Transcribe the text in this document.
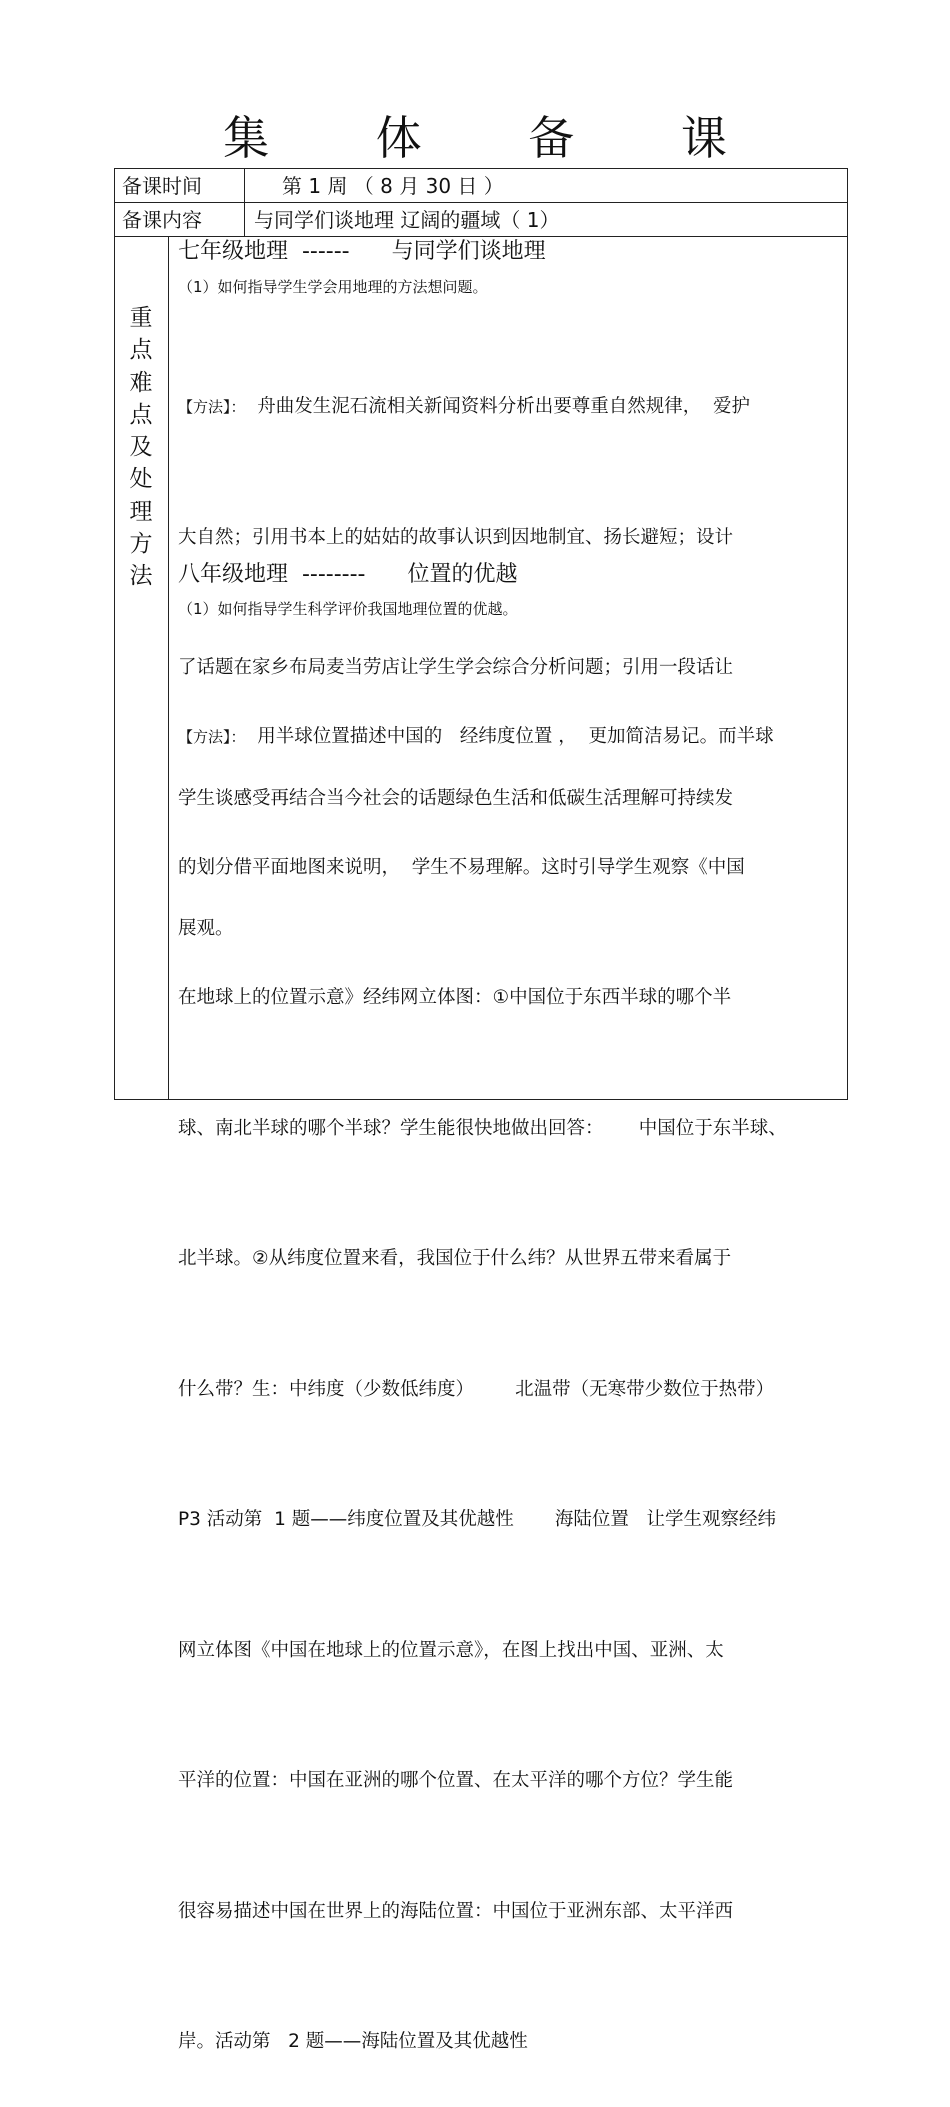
集 体 备 课
备课时间	第 1 周 （ 8 月 30 日 ）
备课内容	与同学们谈地理 辽阔的疆域（ 1）
重点难点及处理方法
七年级地理  ------      与同学们谈地理
（1）如何指导学生学会用地理的方法想问题。

【方法】：  舟曲发生泥石流相关新闻资料分析出要尊重自然规律，  爱护

大自然；引用书本上的姑姑的故事认识到因地制宜、扬长避短；设计

了话题在家乡布局麦当劳店让学生学会综合分析问题；引用一段话让

学生谈感受再结合当今社会的话题绿色生活和低碳生活理解可持续发

展观。

八年级地理  --------      位置的优越
（1）如何指导学生科学评价我国地理位置的优越。

【方法】：  用半球位置描述中国的   经纬度位置 ，  更加简洁易记。而半球

的划分借平面地图来说明，  学生不易理解。这时引导学生观察《中国

在地球上的位置示意》经纬网立体图：①中国位于东西半球的哪个半

球、南北半球的哪个半球？学生能很快地做出回答：      中国位于东半球、

北半球。②从纬度位置来看，我国位于什么纬？从世界五带来看属于

什么带？生：中纬度（少数低纬度）       北温带（无寒带少数位于热带）

P3 活动第  1 题——纬度位置及其优越性       海陆位置   让学生观察经纬

网立体图《中国在地球上的位置示意》，在图上找出中国、亚洲、太

平洋的位置：中国在亚洲的哪个位置、在太平洋的哪个方位？学生能

很容易描述中国在世界上的海陆位置：中国位于亚洲东部、太平洋西

岸。活动第   2 题——海陆位置及其优越性
